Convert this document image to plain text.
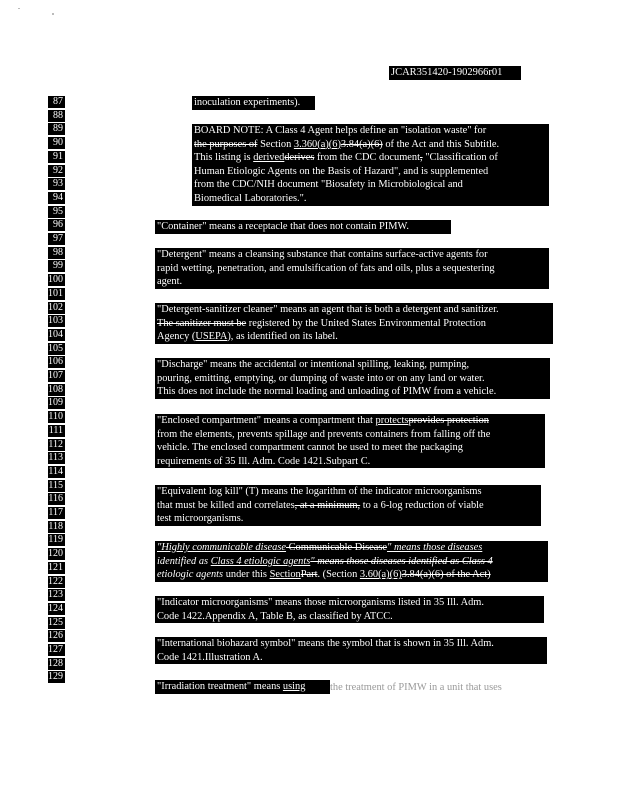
JCAR351420-1902966r01
87
88
89
90
91
92
93
94
95
96
97
98
99
100
101
102
103
104
105
106
107
108
109
110
111
112
113
114
115
116
117
118
119
120
121
122
123
124
125
126
127
128
129
inoculation experiments).
BOARD NOTE: A Class 4 Agent helps define an "isolation waste" for
the purposes of Section 3.360(a)(6)3.84(a)(6) of the Act and this Subtitle.
This listing is derivedderives from the CDC document, "Classification of
Human Etiologic Agents on the Basis of Hazard", and is supplemented
from the CDC/NIH document "Biosafety in Microbiological and
Biomedical Laboratories.".
"Container" means a receptacle that does not contain PIMW.
"Detergent" means a cleansing substance that contains surface-active agents for
rapid wetting, penetration, and emulsification of fats and oils, plus a sequestering
agent.
"Detergent-sanitizer cleaner" means an agent that is both a detergent and sanitizer.
The sanitizer must be registered by the United States Environmental Protection
Agency (USEPA), as identified on its label.
"Discharge" means the accidental or intentional spilling, leaking, pumping,
pouring, emitting, emptying, or dumping of waste into or on any land or water.
This does not include the normal loading and unloading of PIMW from a vehicle.
"Enclosed compartment" means a compartment that protectsprovides protection
from the elements, prevents spillage and prevents containers from falling off the
vehicle. The enclosed compartment cannot be used to meet the packaging
requirements of 35 Ill. Adm. Code 1421.Subpart C.
"Equivalent log kill" (T) means the logarithm of the indicator microorganisms
that must be killed and correlates, at a minimum, to a 6-log reduction of viable
test microorganisms.
"Highly communicable disease Communicable Disease" means those diseases
identified as Class 4 etiologic agents" means those diseases identified as Class 4
etiologic agents under this SectionPart. (Section 3.60(a)(6)3.84(a)(6) of the Act)
"Indicator microorganisms" means those microorganisms listed in 35 Ill. Adm.
Code 1422.Appendix A, Table B, as classified by ATCC.
"International biohazard symbol" means the symbol that is shown in 35 Ill. Adm.
Code 1421.Illustration A.
"Irradiation treatment" means using	the treatment of PIMW in a unit that uses
